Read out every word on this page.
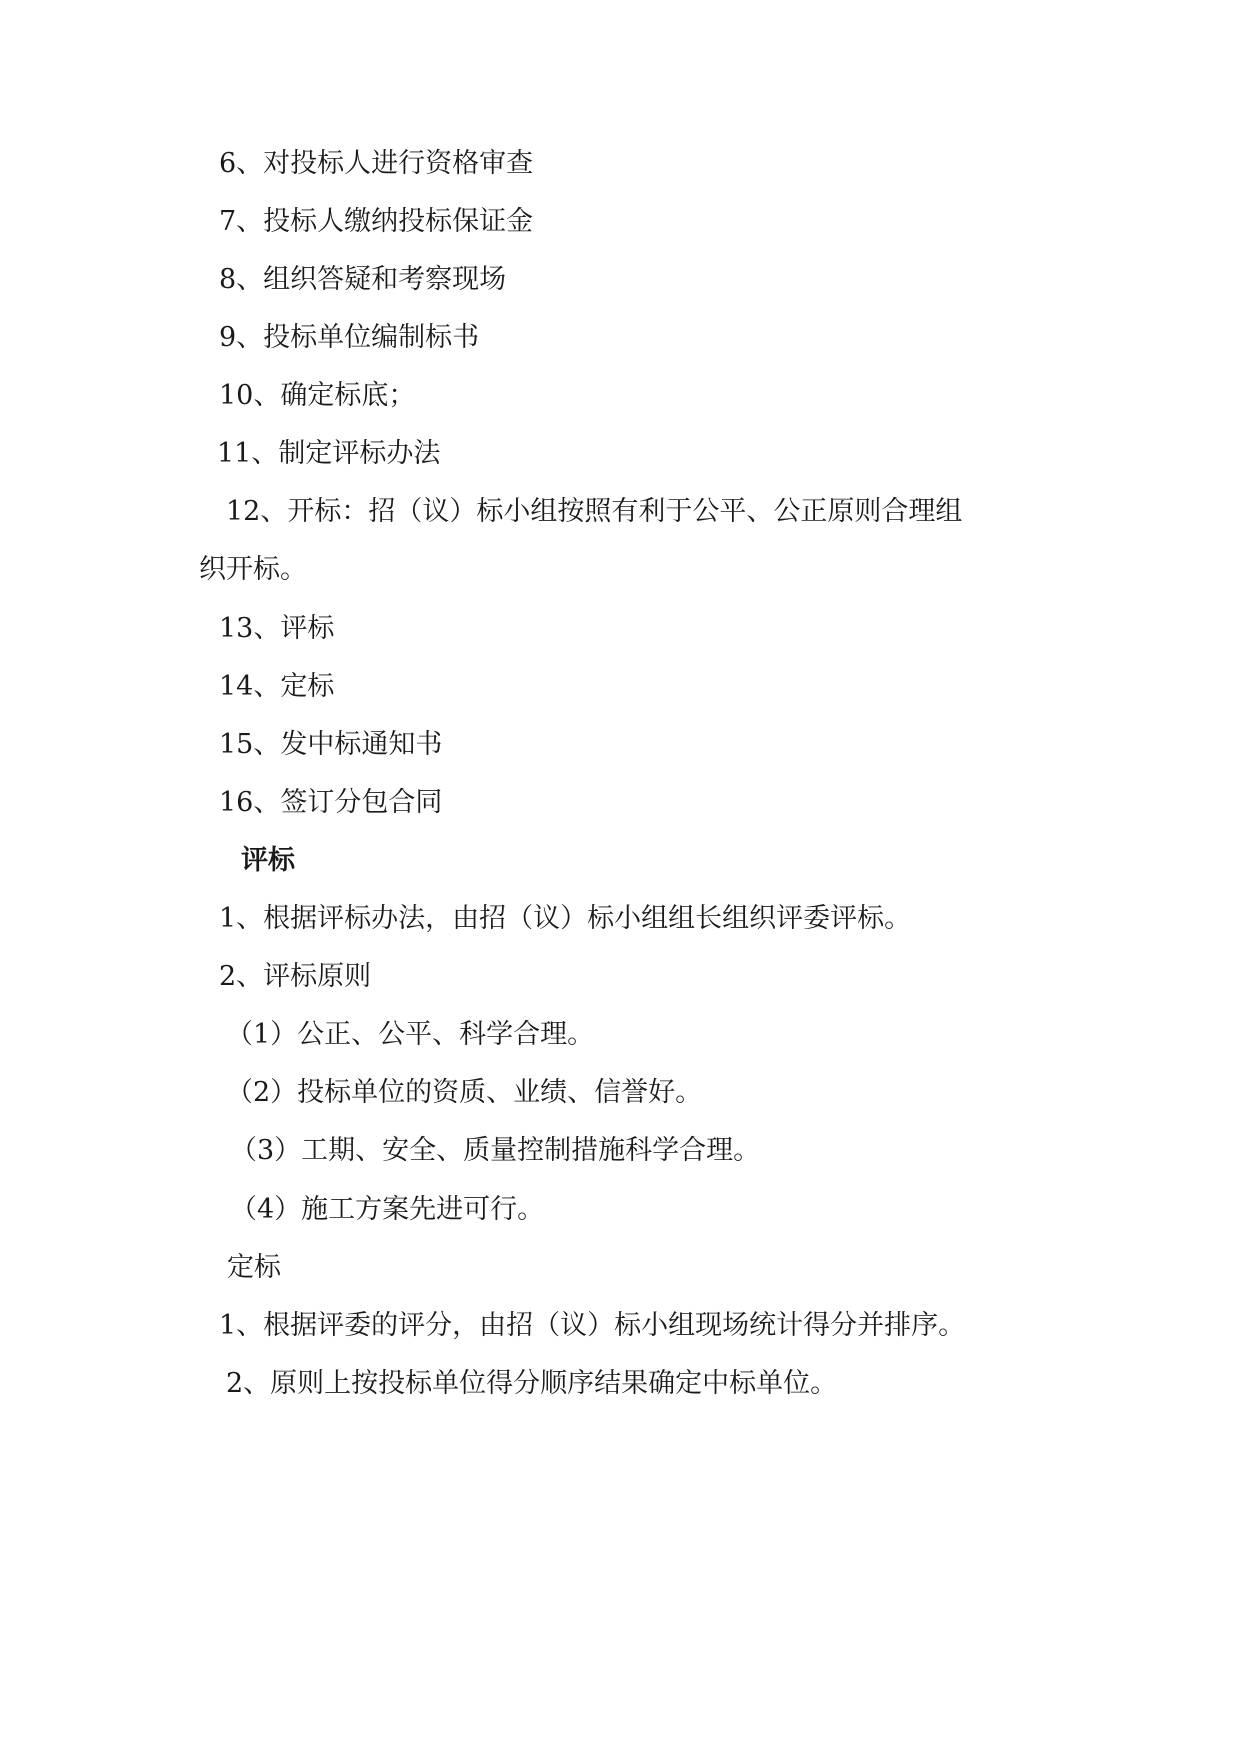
6、对投标人进行资格审查
7、投标人缴纳投标保证金
8、组织答疑和考察现场
9、投标单位编制标书
10、确定标底；
11、制定评标办法
12、开标：招（议）标小组按照有利于公平、公正原则合理组
织开标。
13、评标
14、定标
15、发中标通知书
16、签订分包合同
评标
1、根据评标办法，由招（议）标小组组长组织评委评标。
2、评标原则
（1）公正、公平、科学合理。
（2）投标单位的资质、业绩、信誉好。
（3）工期、安全、质量控制措施科学合理。
（4）施工方案先进可行。
定标
1、根据评委的评分，由招（议）标小组现场统计得分并排序。
2、原则上按投标单位得分顺序结果确定中标单位。
